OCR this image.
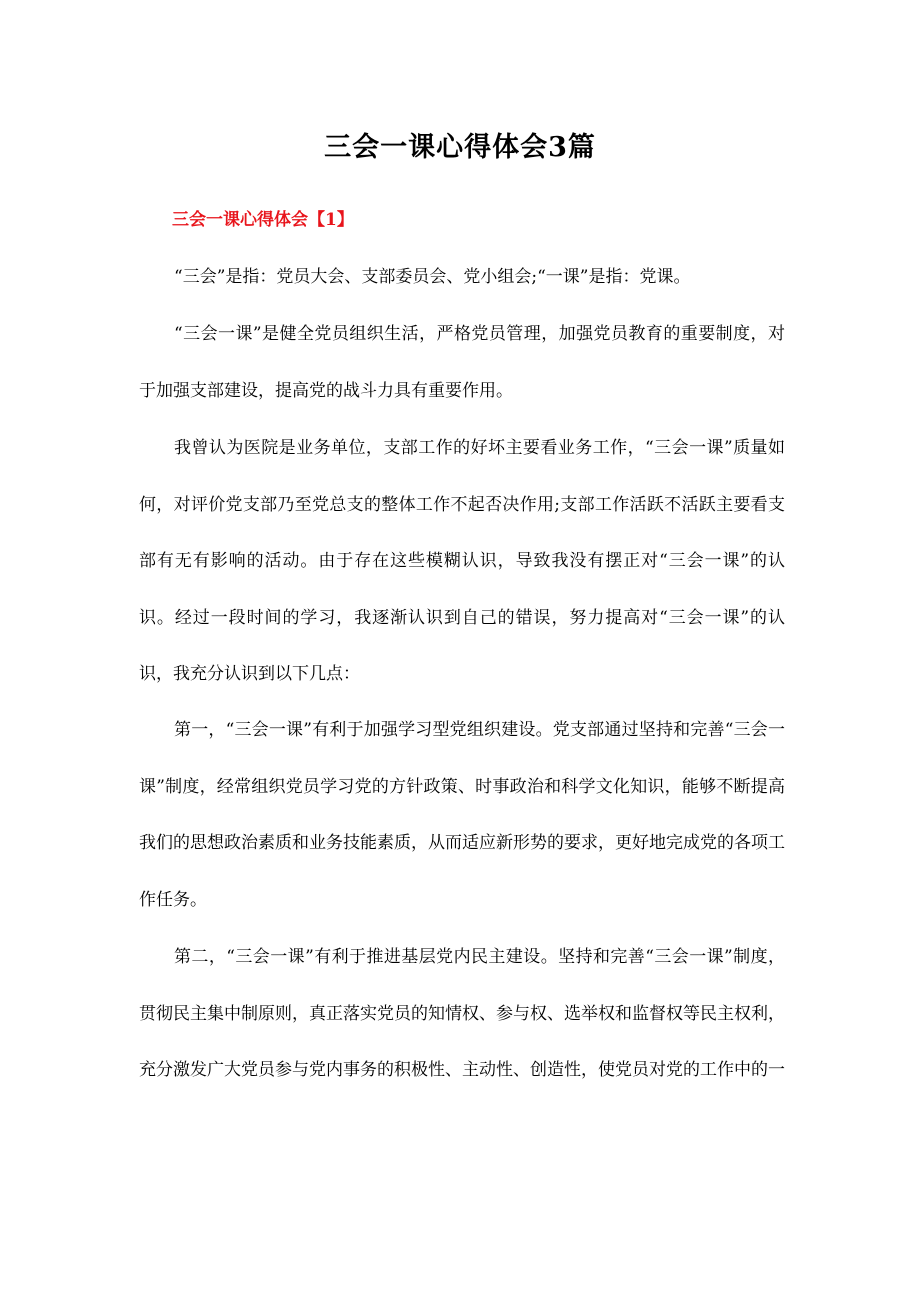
三会一课心得体会3篇
三会一课心得体会【1】

“三会”是指：党员大会、支部委员会、党小组会;“一课”是指：党课。

“三会一课”是健全党员组织生活，严格党员管理，加强党员教育的重要制度，对于加强支部建设，提高党的战斗力具有重要作用。

我曾认为医院是业务单位，支部工作的好坏主要看业务工作，“三会一课”质量如何，对评价党支部乃至党总支的整体工作不起否决作用;支部工作活跃不活跃主要看支部有无有影响的活动。由于存在这些模糊认识，导致我没有摆正对“三会一课”的认识。经过一段时间的学习，我逐渐认识到自己的错误，努力提高对“三会一课”的认识，我充分认识到以下几点：

第一，“三会一课”有利于加强学习型党组织建设。党支部通过坚持和完善“三会一课”制度，经常组织党员学习党的方针政策、时事政治和科学文化知识，能够不断提高我们的思想政治素质和业务技能素质，从而适应新形势的要求，更好地完成党的各项工作任务。

第二，“三会一课”有利于推进基层党内民主建设。坚持和完善“三会一课”制度，贯彻民主集中制原则，真正落实党员的知情权、参与权、选举权和监督权等民主权利，充分激发广大党员参与党内事务的积极性、主动性、创造性，使党员对党的工作中的一
